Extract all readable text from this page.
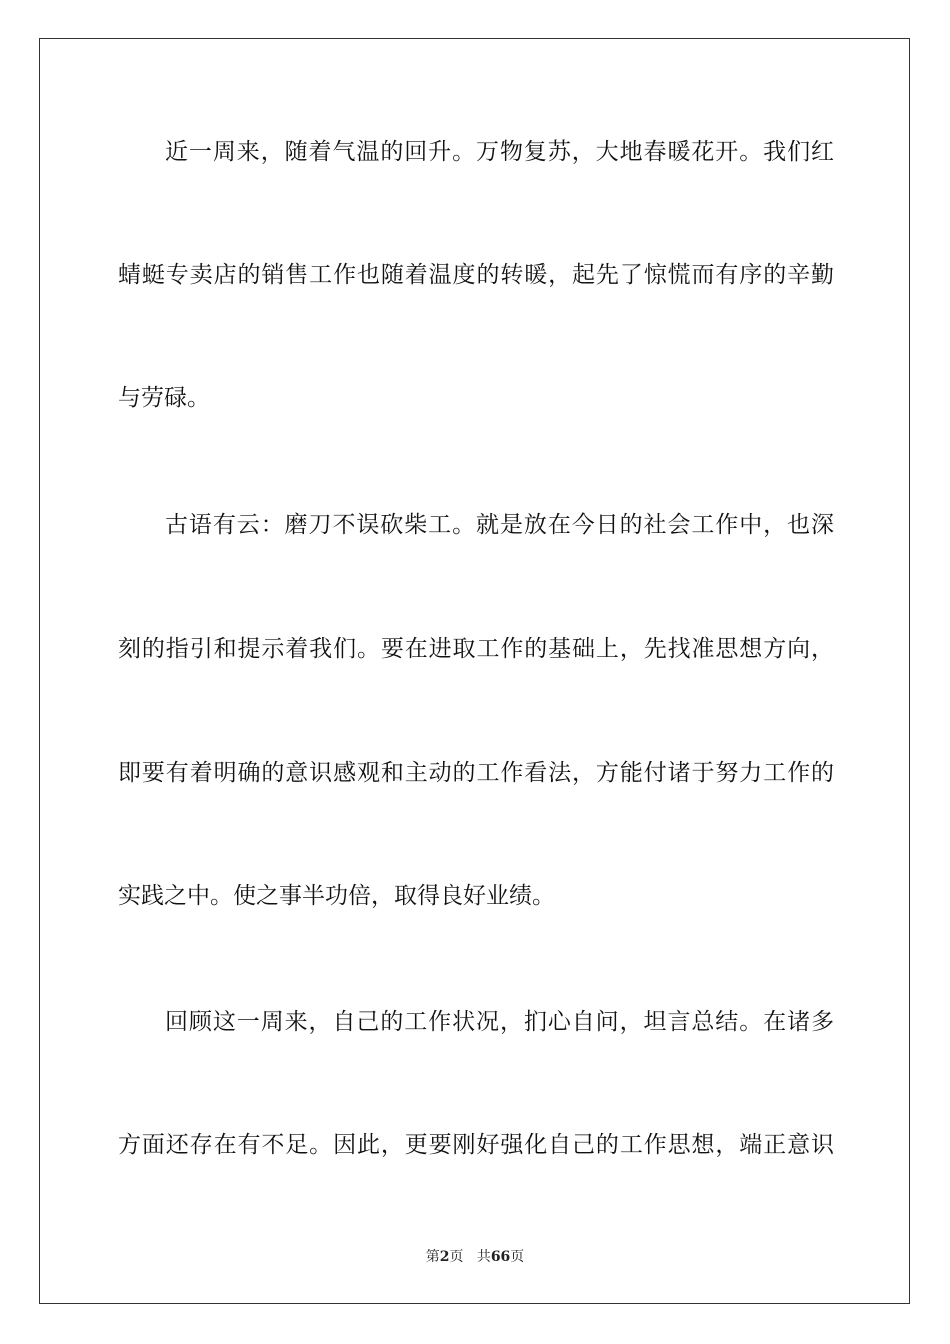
近一周来，随着气温的回升。万物复苏，大地春暖花开。我们红
蜻蜓专卖店的销售工作也随着温度的转暖，起先了惊慌而有序的辛勤
与劳碌。
古语有云：磨刀不误砍柴工。就是放在今日的社会工作中，也深
刻的指引和提示着我们。要在进取工作的基础上，先找准思想方向，
即要有着明确的意识感观和主动的工作看法，方能付诸于努力工作的
实践之中。使之事半功倍，取得良好业绩。
回顾这一周来，自己的工作状况，扪心自问，坦言总结。在诸多
方面还存在有不足。因此，更要刚好强化自己的工作思想，端正意识
第2页 共66页
